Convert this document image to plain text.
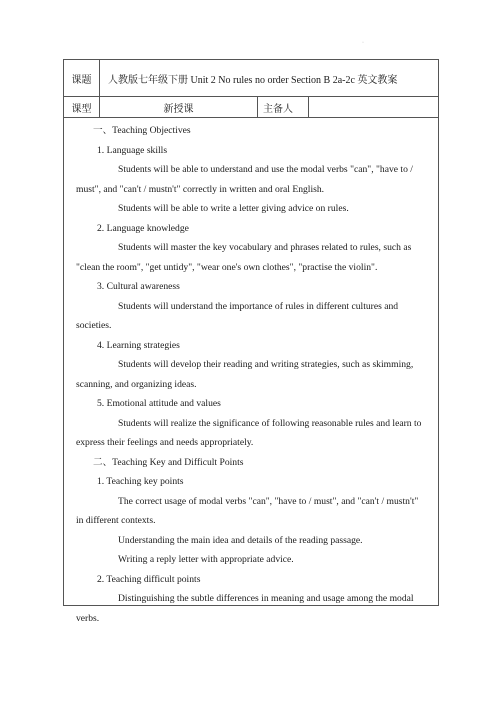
·
课题	人教版七年级下册 Unit 2 No rules no order Section B 2a-2c 英文教案
课型	新授课	主备人

一、Teaching Objectives

1. Language skills

Students will be able to understand and use the modal verbs "can", "have to / must", and "can't / mustn't" correctly in written and oral English.

Students will be able to write a letter giving advice on rules.

2. Language knowledge

Students will master the key vocabulary and phrases related to rules, such as "clean the room", "get untidy", "wear one's own clothes", "practise the violin".

3. Cultural awareness

Students will understand the importance of rules in different cultures and societies.

4. Learning strategies

Students will develop their reading and writing strategies, such as skimming, scanning, and organizing ideas.

5. Emotional attitude and values

Students will realize the significance of following reasonable rules and learn to express their feelings and needs appropriately.

二、Teaching Key and Difficult Points

1. Teaching key points

The correct usage of modal verbs "can", "have to / must", and "can't / mustn't" in different contexts.

Understanding the main idea and details of the reading passage.

Writing a reply letter with appropriate advice.

2. Teaching difficult points

Distinguishing the subtle differences in meaning and usage among the modal verbs.
